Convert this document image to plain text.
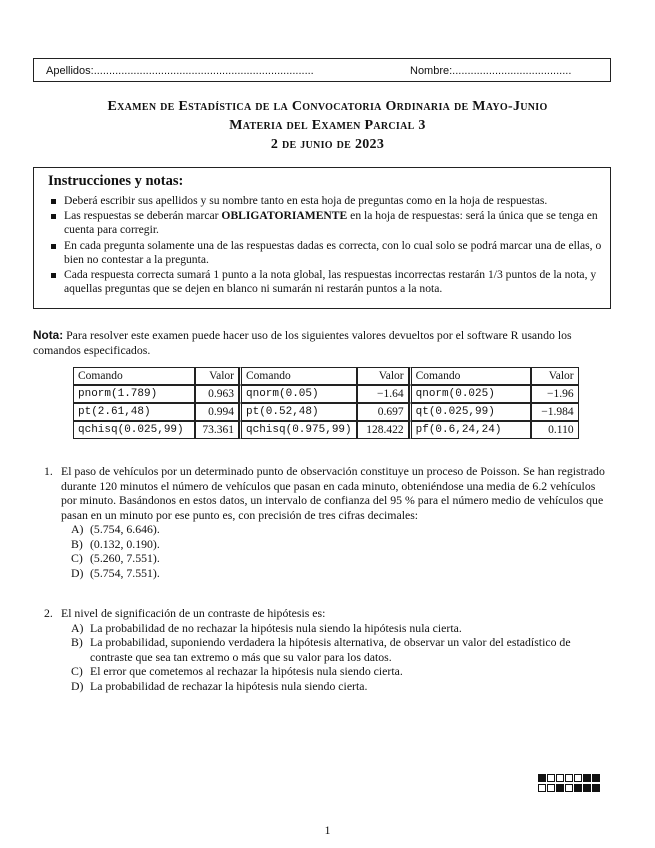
Apellidos:........................................................................	Nombre:.......................................
Examen de Estadística de la Convocatoria Ordinaria de Mayo-Junio
Materia del Examen Parcial 3
2 de junio de 2023
Instrucciones y notas:
Deberá escribir sus apellidos y su nombre tanto en esta hoja de preguntas como en la hoja de respuestas.
Las respuestas se deberán marcar OBLIGATORIAMENTE en la hoja de respuestas: será la única que se tenga en cuenta para corregir.
En cada pregunta solamente una de las respuestas dadas es correcta, con lo cual solo se podrá marcar una de ellas, o bien no contestar a la pregunta.
Cada respuesta correcta sumará 1 punto a la nota global, las respuestas incorrectas restarán 1/3 puntos de la nota, y aquellas preguntas que se dejen en blanco ni sumarán ni restarán puntos a la nota.
Nota: Para resolver este examen puede hacer uso de los siguientes valores devueltos por el software R usando los comandos especificados.
Comando	Valor	Comando	Valor	Comando	Valor
pnorm(1.789)	0.963	qnorm(0.05)	−1.64	qnorm(0.025)	−1.96
pt(2.61,48)	0.994	pt(0.52,48)	0.697	qt(0.025,99)	−1.984
qchisq(0.025,99)	73.361	qchisq(0.975,99)	128.422	pf(0.6,24,24)	0.110
1. El paso de vehículos por un determinado punto de observación constituye un proceso de Poisson. Se han registrado durante 120 minutos el número de vehículos que pasan en cada minuto, obteniéndose una media de 6.2 vehículos por minuto. Basándonos en estos datos, un intervalo de confianza del 95 % para el número medio de vehículos que pasan en un minuto por ese punto es, con precisión de tres cifras decimales:
A) (5.754, 6.646).
B) (0.132, 0.190).
C) (5.260, 7.551).
D) (5.754, 7.551).
2. El nivel de significación de un contraste de hipótesis es:
A) La probabilidad de no rechazar la hipótesis nula siendo la hipótesis nula cierta.
B) La probabilidad, suponiendo verdadera la hipótesis alternativa, de observar un valor del estadístico de contraste que sea tan extremo o más que su valor para los datos.
C) El error que cometemos al rechazar la hipótesis nula siendo cierta.
D) La probabilidad de rechazar la hipótesis nula siendo cierta.
1
